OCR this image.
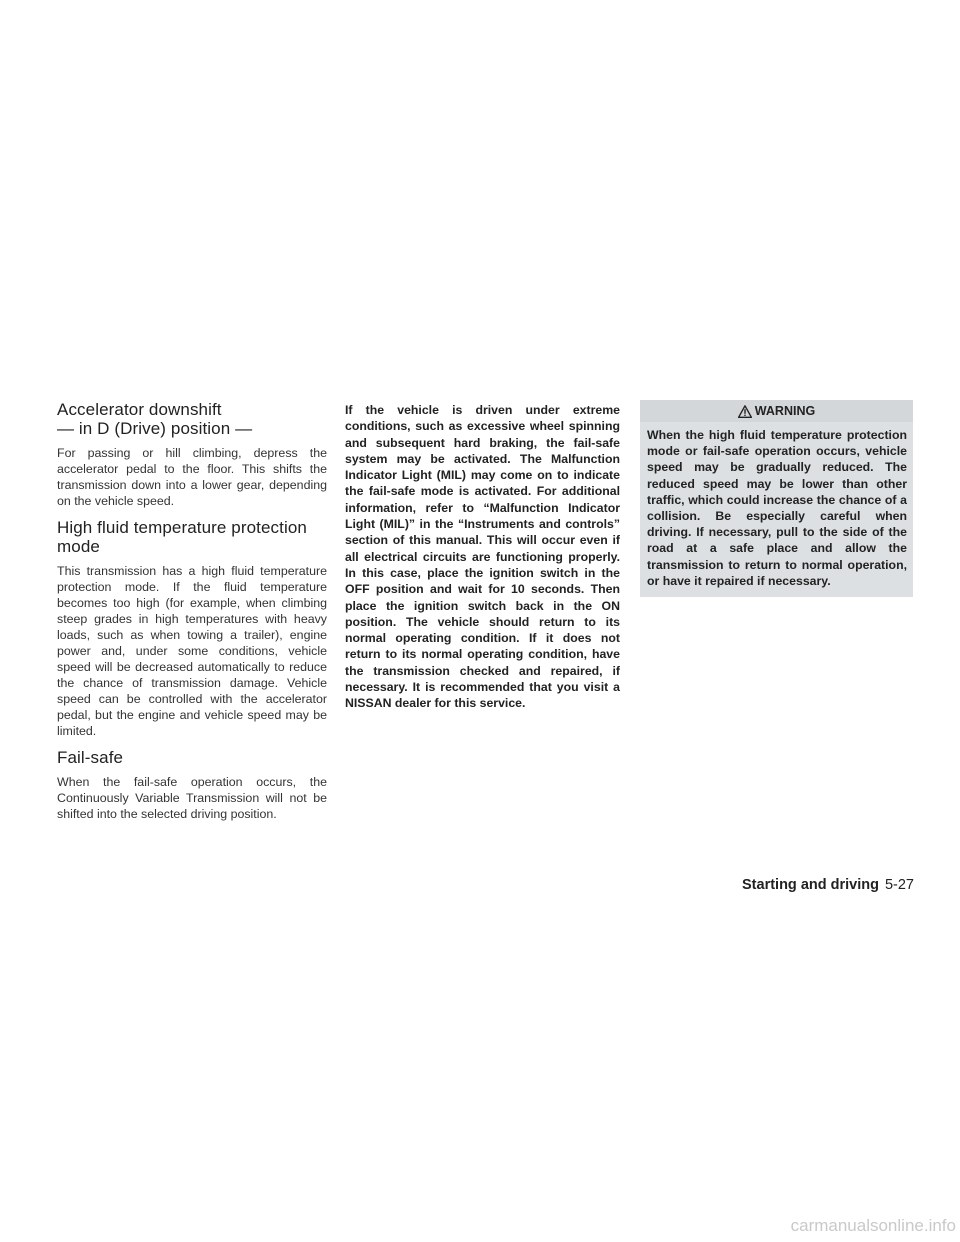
Accelerator downshift
— in D (Drive) position —

For passing or hill climbing, depress the accelerator pedal to the floor. This shifts the transmission down into a lower gear, depending on the vehicle speed.

High fluid temperature protection
mode

This transmission has a high fluid temperature protection mode. If the fluid temperature becomes too high (for example, when climbing steep grades in high temperatures with heavy loads, such as when towing a trailer), engine power and, under some conditions, vehicle speed will be decreased automatically to reduce the chance of transmission damage. Vehicle speed can be controlled with the accelerator pedal, but the engine and vehicle speed may be limited.

Fail-safe

When the fail-safe operation occurs, the Continuously Variable Transmission will not be shifted into the selected driving position.

If the vehicle is driven under extreme conditions, such as excessive wheel spinning and subsequent hard braking, the fail-safe system may be activated. The Malfunction Indicator Light (MIL) may come on to indicate the fail-safe mode is activated. For additional information, refer to “Malfunction Indicator Light (MIL)” in the “Instruments and controls” section of this manual. This will occur even if all electrical circuits are functioning properly. In this case, place the ignition switch in the OFF position and wait for 10 seconds. Then place the ignition switch back in the ON position. The vehicle should return to its normal operating condition. If it does not return to its normal operating condition, have the transmission checked and repaired, if necessary. It is recommended that you visit a NISSAN dealer for this service.

WARNING
When the high fluid temperature protection mode or fail-safe operation occurs, vehicle speed may be gradually reduced. The reduced speed may be lower than other traffic, which could increase the chance of a collision. Be especially careful when driving. If necessary, pull to the side of the road at a safe place and allow the transmission to return to normal operation, or have it repaired if necessary.
Starting and driving 5-27
carmanualsonline.info
